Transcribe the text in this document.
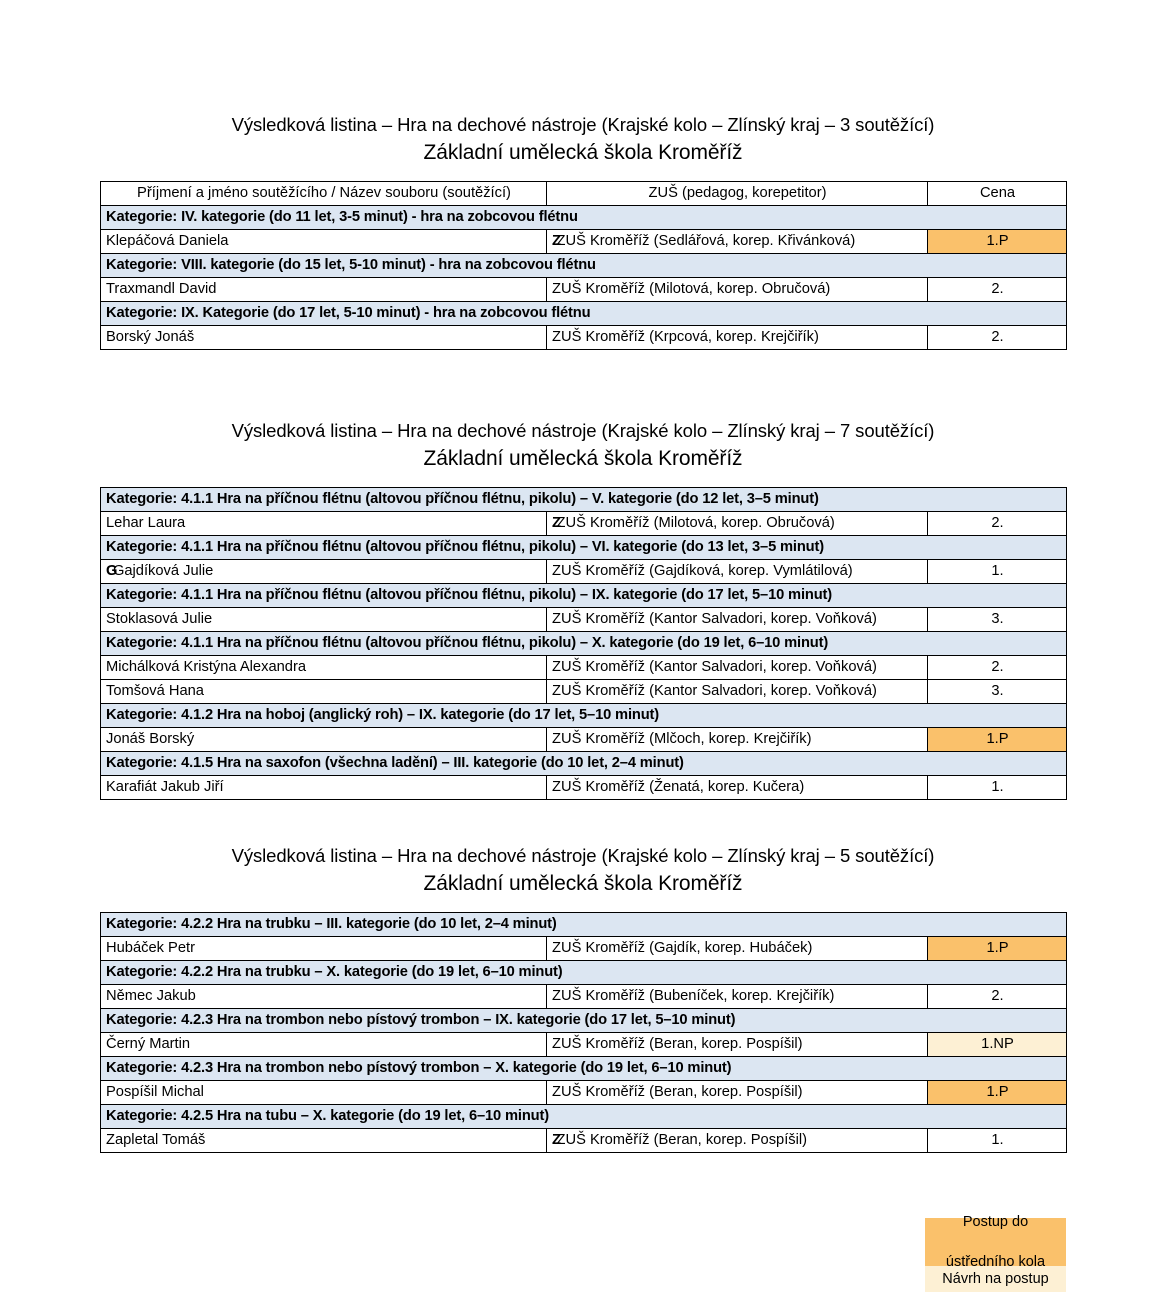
Výsledková listina – Hra na dechové nástroje (Krajské kolo – Zlínský kraj – 3 soutěžící)
Základní umělecká škola Kroměříž
Příjmení a jméno soutěžícího / Název souboru (soutěžící)	ZUŠ (pedagog, korepetitor)	Cena
Kategorie: IV. kategorie (do 11 let, 3-5 minut) - hra na zobcovou flétnu		
Klepáčová Daniela	ZZUŠ Kroměříž (Sedlářová, korep. Křivánková)	1.P
Kategorie: VIII. kategorie (do 15 let, 5-10 minut) - hra na zobcovou flétnu		
Traxmandl David	ZUŠ Kroměříž (Milotová, korep. Obručová)	2.
Kategorie: IX. Kategorie (do 17 let, 5-10 minut) - hra na zobcovou flétnu		
Borský Jonáš	ZUŠ Kroměříž (Krpcová, korep. Krejčiřík)	2.
Výsledková listina – Hra na dechové nástroje (Krajské kolo – Zlínský kraj – 7 soutěžící)
Základní umělecká škola Kroměříž
Kategorie: 4.1.1 Hra na příčnou flétnu (altovou příčnou flétnu, pikolu) – V. kategorie (do 12 let, 3–5 minut)		
Lehar Laura	ZZUŠ Kroměříž (Milotová, korep. Obručová)	2.
Kategorie: 4.1.1 Hra na příčnou flétnu (altovou příčnou flétnu, pikolu) – VI. kategorie (do 13 let, 3–5 minut)		
GGajdíková Julie	ZUŠ Kroměříž (Gajdíková, korep. Vymlátilová)	1.
Kategorie: 4.1.1 Hra na příčnou flétnu (altovou příčnou flétnu, pikolu) – IX. kategorie (do 17 let, 5–10 minut)		
Stoklasová Julie	ZUŠ Kroměříž (Kantor Salvadori, korep. Voňková)	3.
Kategorie: 4.1.1 Hra na příčnou flétnu (altovou příčnou flétnu, pikolu) – X. kategorie (do 19 let, 6–10 minut)		
Michálková Kristýna Alexandra	ZUŠ Kroměříž (Kantor Salvadori, korep. Voňková)	2.
Tomšová Hana	ZUŠ Kroměříž (Kantor Salvadori, korep. Voňková)	3.
Kategorie: 4.1.2 Hra na hoboj (anglický roh) – IX. kategorie (do 17 let, 5–10 minut)		
Jonáš Borský	ZUŠ Kroměříž (Mlčoch, korep. Krejčiřík)	1.P
Kategorie: 4.1.5 Hra na saxofon (všechna ladění) – III. kategorie (do 10 let, 2–4 minut)		
Karafiát Jakub Jiří	ZUŠ Kroměříž (Ženatá, korep. Kučera)	1.
Výsledková listina – Hra na dechové nástroje (Krajské kolo – Zlínský kraj – 5 soutěžící)
Základní umělecká škola Kroměříž
Kategorie: 4.2.2 Hra na trubku – III. kategorie (do 10 let, 2–4 minut)		
Hubáček Petr	ZUŠ Kroměříž (Gajdík, korep. Hubáček)	1.P
Kategorie: 4.2.2 Hra na trubku – X. kategorie (do 19 let, 6–10 minut)		
Němec Jakub	ZUŠ Kroměříž (Bubeníček, korep. Krejčiřík)	2.
Kategorie: 4.2.3 Hra na trombon nebo pístový trombon – IX. kategorie (do 17 let, 5–10 minut)		
Černý Martin	ZUŠ Kroměříž (Beran, korep. Pospíšil)	1.NP
Kategorie: 4.2.3 Hra na trombon nebo pístový trombon – X. kategorie (do 19 let, 6–10 minut)		
Pospíšil Michal	ZUŠ Kroměříž (Beran, korep. Pospíšil)	1.P
Kategorie: 4.2.5 Hra na tubu – X. kategorie (do 19 let, 6–10 minut)		
Zapletal Tomáš	ZZUŠ Kroměříž (Beran, korep. Pospíšil)	1.
Postup do

ústředního kola
Návrh na postup
